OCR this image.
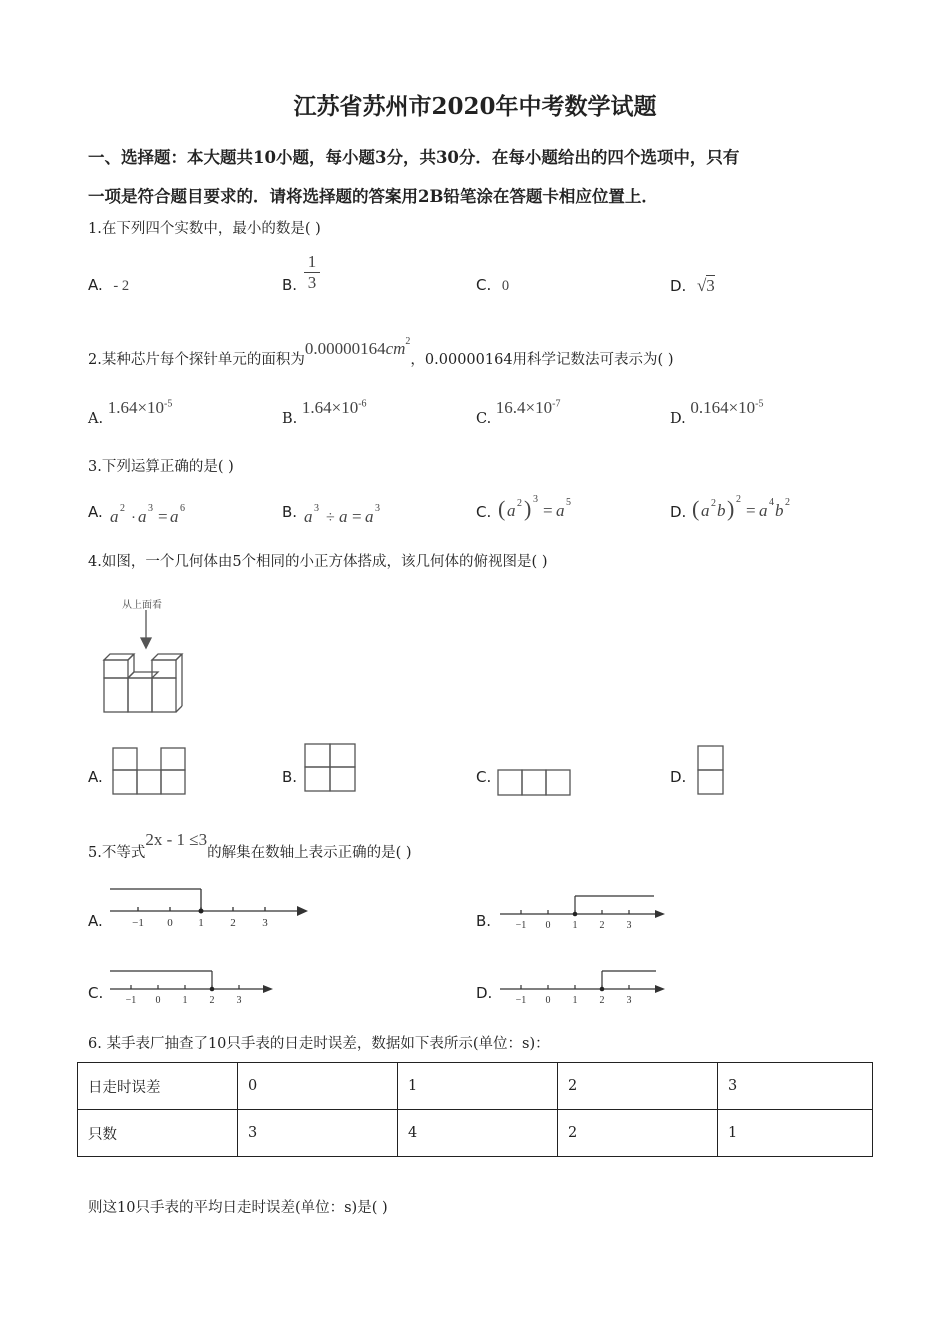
江苏省苏州市2020年中考数学试题
一、选择题：本大题共10小题，每小题3分，共30分．在每小题给出的四个选项中，只有
一项是符合题目要求的．请将选择题的答案用2B铅笔涂在答题卡相应位置上．
1.在下列四个实数中，最小的数是( )
A. - 2	B. $\frac{1}{3}$	C. 0	D. √3
2.某种芯片每个探针单元的面积为$0.00000164cm^2$，0.00000164用科学记数法可表示为( )
A. $1.64\times 10^{-5}$
B. $1.64\times 10^{-6}$
C. $16.4\times 10^{-7}$
D. $0.164\times 10^{-5}$
3.下列运算正确的是( )
A.	B.	C.	D.
a 2
· a 3 = a 6	a 3
÷ a = a 3	( a 2 ) 3
= a 5	( a 2 b ) 2
= a 4 b 2
4.如图，一个几何体由5个相同的小正方体搭成，该几何体的俯视图是( )
从上面看
A.	B.	C.	D.
5.不等式2x - 1 ≤3的解集在数轴上表示正确的是( )
A.	−1 0 1 2 3	B. −1 0 1 2 3
C. −1 0 1 2 3	D. −1 0 1 2 3
6. 某手表厂抽查了10只手表的日走时误差，数据如下表所示(单位：s)：
日走时误差	0	1	2	3
只数	3	4	2	1
则这10只手表的平均日走时误差(单位：s)是( )
